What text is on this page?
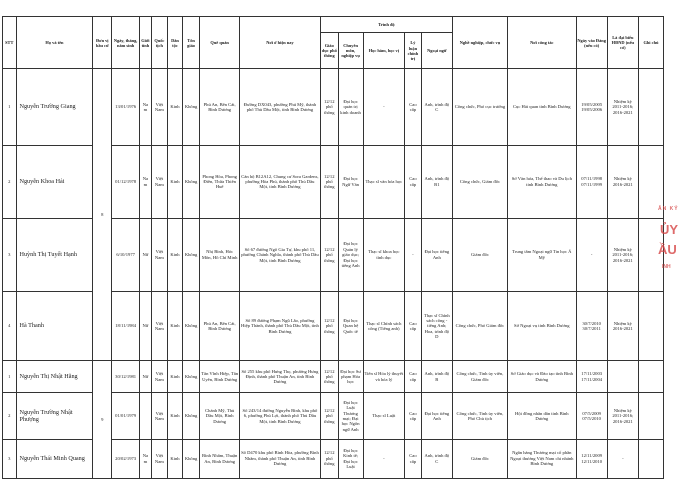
STT	Họ và tên	Đơn vị bầu cử	Ngày, tháng, năm sinh	Giới tính	Quốc tịch	Dân tộc	Tôn giáo	Quê quán	Nơi ở hiện nay	Trình độ					Nghề nghiệp, chức vụ	Nơi công tác	Ngày vào Đảng (nếu có)	Là đại biểu HĐND (nếu có)	Ghi chú
										Giáo dục phổ thông	Chuyên môn, nghiệp vụ	Học hàm, học vị	Lý luận chính trị	Ngoại ngữ					
1	Nguyễn Trường Giang	8	13/01/1976	Nam	Việt Nam	Kinh	Không	Phú An, Bến Cát, Bình Dương	Đường DX043, phường Phú Mỹ, thành phố Thủ Dầu Một, tỉnh Bình Dương	12/12 phổ thông	Đại học quản trị kinh doanh	-	Cao cấp	Anh, trình độ C	Công chức, Phó cục trưởng	Cục Hải quan tỉnh Bình Dương	19/05/2005 19/05/2006	Nhiệm kỳ 2011-2016; 2016-2021	
2	Nguyễn Khoa Hải		01/12/1978	Nam	Việt Nam	Kinh	Không	Phong Hòa, Phong Điền, Thừa Thiên Huế	Căn hộ B12A12, Chung cư Sora Gardens, phường Hòa Phú, thành phố Thủ Dầu Một, tỉnh Bình Dương	12/12 phổ thông	Đại học Ngữ Văn	Thạc sĩ văn hóa học	Cao cấp	Anh, trình độ B1	Công chức, Giám đốc	Sở Văn hóa, Thể thao và Du lịch tỉnh Bình Dương	07/11/1998 07/11/1999	Nhiệm kỳ 2016-2021	
3	Huỳnh Thị Tuyết Hạnh		6/10/1977	Nữ	Việt Nam	Kinh	Không	Nhị Bình, Hóc Môn, Hồ Chí Minh	Số 67 đường Ngô Gia Tự, khu phố 11, phường Chánh Nghĩa, thành phố Thủ Dầu Một, tỉnh Bình Dương	12/12 phổ thông	Đại học Quản lý giáo dục; Đại học tiếng Anh	Thạc sĩ khoa học tình dục	-	Đại học tiếng Anh	Giám đốc	Trung tâm Ngoại ngữ Tin học Á Mỹ	-	Nhiệm kỳ 2011-2016; 2016-2021	
4	Hà Thanh		18/11/1984	Nữ	Việt Nam	Kinh	Không	Phú An, Bến Cát, Bình Dương	Số 89 đường Phạm Ngũ Lão, phường Hiệp Thành, thành phố Thủ Dầu Một, tỉnh Bình Dương	12/12 phổ thông	Đại học Quan hệ Quốc tế	Thạc sĩ Chính sách công (Tiếng anh)	Cao cấp	Thạc sĩ Chính sách công - tiếng Anh; Hoa, trình độ D	Công chức, Phó Giám đốc	Sở Ngoại vụ tỉnh Bình Dương	30/7/2010 30/7/2011	Nhiệm kỳ 2016-2021	
1	Nguyễn Thị Nhật Hằng	9	30/12/1981	Nữ	Việt Nam	Kinh	Không	Tân Vĩnh Hiệp, Tân Uyên, Bình Dương	Số 255 khu phố Hưng Thọ, phường Hưng Định, thành phố Thuận An, tỉnh Bình Dương	12/12 phổ thông	Đại học Sư phạm Hóa học	Tiến sĩ Hóa lý thuyết và hóa lý	Cao cấp	Anh, trình độ B	Công chức, Tỉnh ủy viên, Giám đốc	Sở Giáo dục và Đào tạo tỉnh Bình Dương	17/11/2003 17/11/2004		
2	Nguyễn Trường Nhật Phượng		01/01/1979		Việt Nam	Kinh	Không	Chánh Mỹ, Thủ Dầu Một, Bình Dương	Số 243/14 đường Nguyễn Bình, khu phố 6, phường Phú Lợi, thành phố Thủ Dầu Một, tỉnh Bình Dương	12/12 phổ thông	Đại học Luật Thương mại; Đại học Ngôn ngữ Anh	Thạc sĩ Luật	Cao cấp	Đại học tiếng Anh	Công chức, Tỉnh ủy viên, Phó Chủ tịch	Hội đồng nhân dân tỉnh Bình Dương	07/5/2009 07/5/2010	Nhiệm kỳ 2011-2016; 2016-2021	
3	Nguyễn Thái Minh Quang		20/02/1973	Nam	Việt Nam	Kinh	Không	Bình Nhâm, Thuận An, Bình Dương	Số D470 khu phố Bình Hòa, phường Bình Nhâm, thành phố Thuận An, tỉnh Bình Dương	12/12 phổ thông	Đại học Kinh tế; Đại học Luật	-	Cao cấp	Anh, trình độ C	Giám đốc	Ngân hàng Thương mại cổ phần Ngoại thương Việt Nam chi nhánh Bình Dương	12/11/2009 12/11/2010	-	
ÂN KÝ
ỦY
ẦU
INH
